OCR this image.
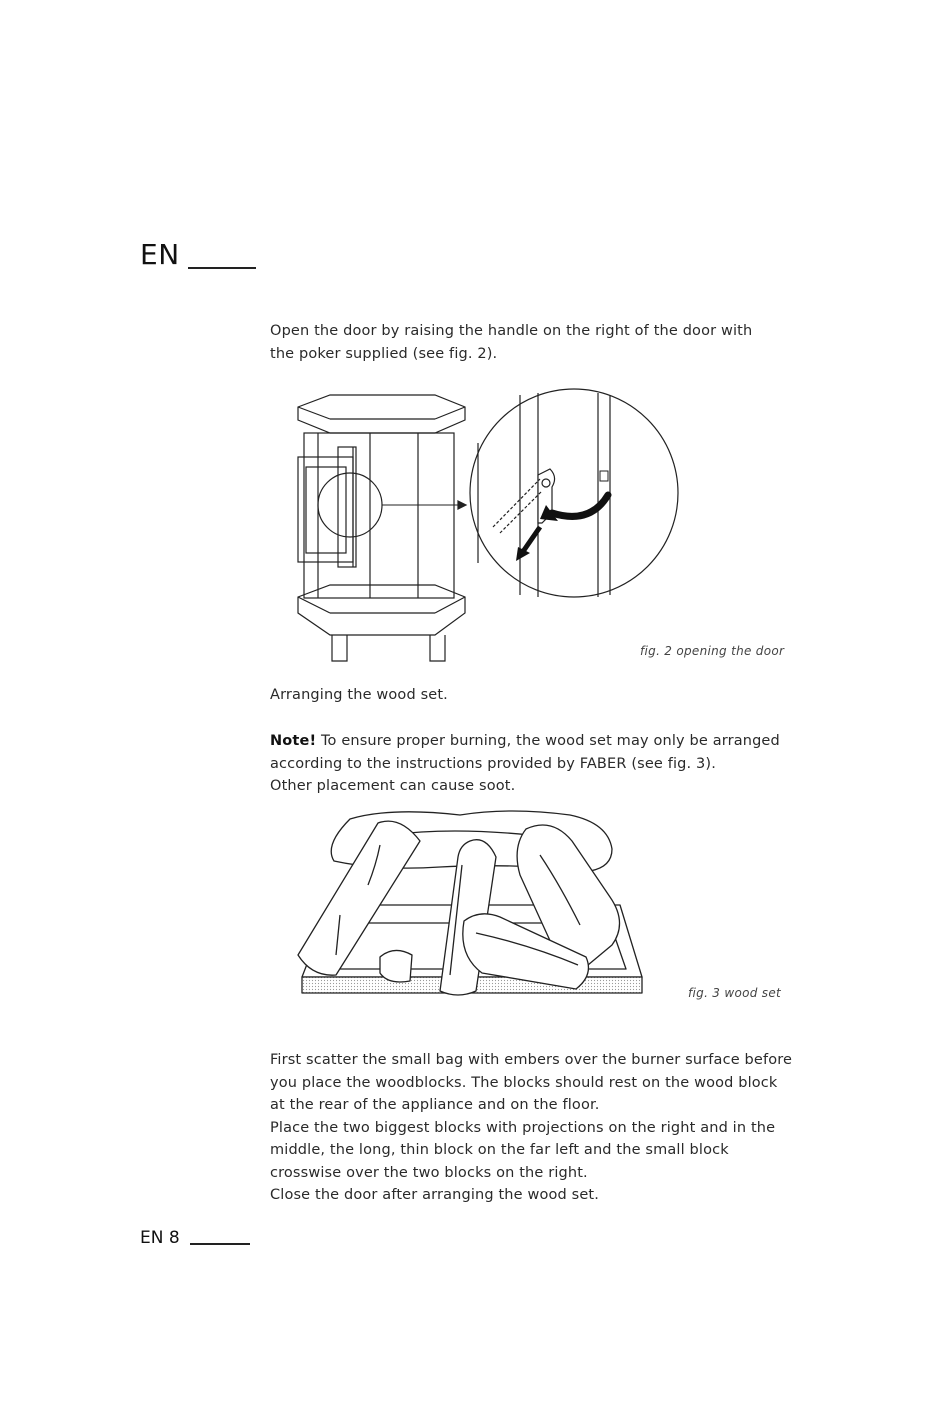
EN

Open the door by raising the handle on the right of the door with

the poker supplied (see fig. 2).

fig. 2 opening the door

Arranging the wood set.

Note! To ensure proper burning, the wood set may only be arranged

according to the instructions provided by FABER (see fig. 3).

Other placement can cause soot.

fig. 3 wood set

First scatter the small bag with embers over the burner surface before

you place the woodblocks. The blocks should rest on the wood block

at the rear of the appliance and on the floor.

Place the two biggest blocks with projections on the right and in the

middle, the long, thin block on the far left and the small block

crosswise over the two blocks on the right.

Close the door after arranging the wood set.

EN 8
